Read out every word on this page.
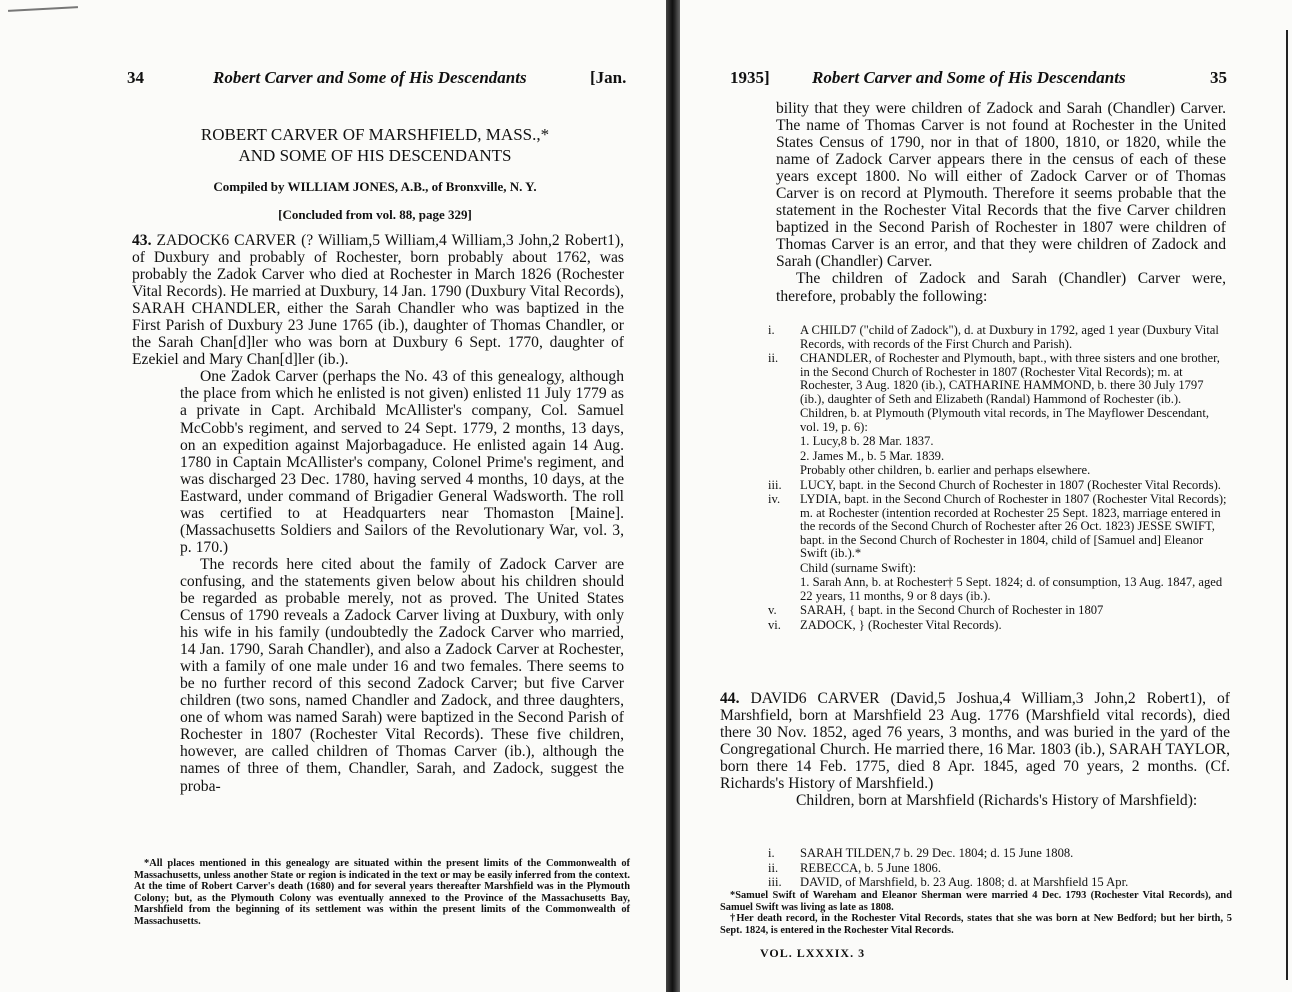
34	Robert Carver and Some of His Descendants	[Jan.
ROBERT CARVER OF MARSHFIELD, MASS.,*
AND SOME OF HIS DESCENDANTS
Compiled by WILLIAM JONES, A.B., of Bronxville, N. Y.
[Concluded from vol. 88, page 329]

43. ZADOCK6 CARVER (? William,5 William,4 William,3 John,2 Robert1), of Duxbury and probably of Rochester, born probably about 1762, was probably the Zadok Carver who died at Rochester in March 1826 (Rochester Vital Records). He married at Duxbury, 14 Jan. 1790 (Duxbury Vital Records), SARAH CHANDLER, either the Sarah Chandler who was baptized in the First Parish of Duxbury 23 June 1765 (ib.), daughter of Thomas Chandler, or the Sarah Chan[d]ler who was born at Duxbury 6 Sept. 1770, daughter of Ezekiel and Mary Chan[d]ler (ib.).

One Zadok Carver (perhaps the No. 43 of this genealogy, although the place from which he enlisted is not given) enlisted 11 July 1779 as a private in Capt. Archibald McAllister's company, Col. Samuel McCobb's regiment, and served to 24 Sept. 1779, 2 months, 13 days, on an expedition against Majorbagaduce. He enlisted again 14 Aug. 1780 in Captain McAllister's company, Colonel Prime's regiment, and was discharged 23 Dec. 1780, having served 4 months, 10 days, at the Eastward, under command of Brigadier General Wadsworth. The roll was certified to at Headquarters near Thomaston [Maine]. (Massachusetts Soldiers and Sailors of the Revolutionary War, vol. 3, p. 170.)

The records here cited about the family of Zadock Carver are confusing, and the statements given below about his children should be regarded as probable merely, not as proved. The United States Census of 1790 reveals a Zadock Carver living at Duxbury, with only his wife in his family (undoubtedly the Zadock Carver who married, 14 Jan. 1790, Sarah Chandler), and also a Zadock Carver at Rochester, with a family of one male under 16 and two females. There seems to be no further record of this second Zadock Carver; but five Carver children (two sons, named Chandler and Zadock, and three daughters, one of whom was named Sarah) were baptized in the Second Parish of Rochester in 1807 (Rochester Vital Records). These five children, however, are called children of Thomas Carver (ib.), although the names of three of them, Chandler, Sarah, and Zadock, suggest the proba-

*All places mentioned in this genealogy are situated within the present limits of the Commonwealth of Massachusetts, unless another State or region is indicated in the text or may be easily inferred from the context. At the time of Robert Carver's death (1680) and for several years thereafter Marshfield was in the Plymouth Colony; but, as the Plymouth Colony was eventually annexed to the Province of the Massachusetts Bay, Marshfield from the beginning of its settlement was within the present limits of the Commonwealth of Massachusetts.

1935] Robert Carver and Some of His Descendants	35

bility that they were children of Zadock and Sarah (Chandler) Carver. The name of Thomas Carver is not found at Rochester in the United States Census of 1790, nor in that of 1800, 1810, or 1820, while the name of Zadock Carver appears there in the census of each of these years except 1800. No will either of Zadock Carver or of Thomas Carver is on record at Plymouth. Therefore it seems probable that the statement in the Rochester Vital Records that the five Carver children baptized in the Second Parish of Rochester in 1807 were children of Thomas Carver is an error, and that they were children of Zadock and Sarah (Chandler) Carver.

The children of Zadock and Sarah (Chandler) Carver were, therefore, probably the following:

i.	A CHILD7 ("child of Zadock"), d. at Duxbury in 1792, aged 1 year (Duxbury Vital Records, with records of the First Church and Parish).
ii.	CHANDLER, of Rochester and Plymouth, bapt., with three sisters and one brother, in the Second Church of Rochester in 1807 (Rochester Vital Records); m. at Rochester, 3 Aug. 1820 (ib.), CATHARINE HAMMOND, b. there 30 July 1797 (ib.), daughter of Seth and Elizabeth (Randal) Hammond of Rochester (ib.).
Children, b. at Plymouth (Plymouth vital records, in The Mayflower Descendant, vol. 19, p. 6):
1. Lucy,8 b. 28 Mar. 1837.
2. James M., b. 5 Mar. 1839.
Probably other children, b. earlier and perhaps elsewhere.
iii.	LUCY, bapt. in the Second Church of Rochester in 1807 (Rochester Vital Records).
iv.	LYDIA, bapt. in the Second Church of Rochester in 1807 (Rochester Vital Records); m. at Rochester (intention recorded at Rochester 25 Sept. 1823, marriage entered in the records of the Second Church of Rochester after 26 Oct. 1823) JESSE SWIFT, bapt. in the Second Church of Rochester in 1804, child of [Samuel and] Eleanor Swift (ib.).*
Child (surname Swift):
1. Sarah Ann, b. at Rochester† 5 Sept. 1824; d. of consumption, 13 Aug. 1847, aged 22 years, 11 months, 9 or 8 days (ib.).
v.	SARAH, { bapt. in the Second Church of Rochester in 1807
vi.	ZADOCK, } (Rochester Vital Records).

44. DAVID6 CARVER (David,5 Joshua,4 William,3 John,2 Robert1), of Marshfield, born at Marshfield 23 Aug. 1776 (Marshfield vital records), died there 30 Nov. 1852, aged 76 years, 3 months, and was buried in the yard of the Congregational Church. He married there, 16 Mar. 1803 (ib.), SARAH TAYLOR, born there 14 Feb. 1775, died 8 Apr. 1845, aged 70 years, 2 months. (Cf. Richards's History of Marshfield.)

Children, born at Marshfield (Richards's History of Marshfield):

i.	SARAH TILDEN,7 b. 29 Dec. 1804; d. 15 June 1808.
ii.	REBECCA, b. 5 June 1806.
iii.	DAVID, of Marshfield, b. 23 Aug. 1808; d. at Marshfield 15 Apr.

*Samuel Swift of Wareham and Eleanor Sherman were married 4 Dec. 1793 (Rochester Vital Records), and Samuel Swift was living as late as 1808.

†Her death record, in the Rochester Vital Records, states that she was born at New Bedford; but her birth, 5 Sept. 1824, is entered in the Rochester Vital Records.

VOL. LXXXIX. 3
